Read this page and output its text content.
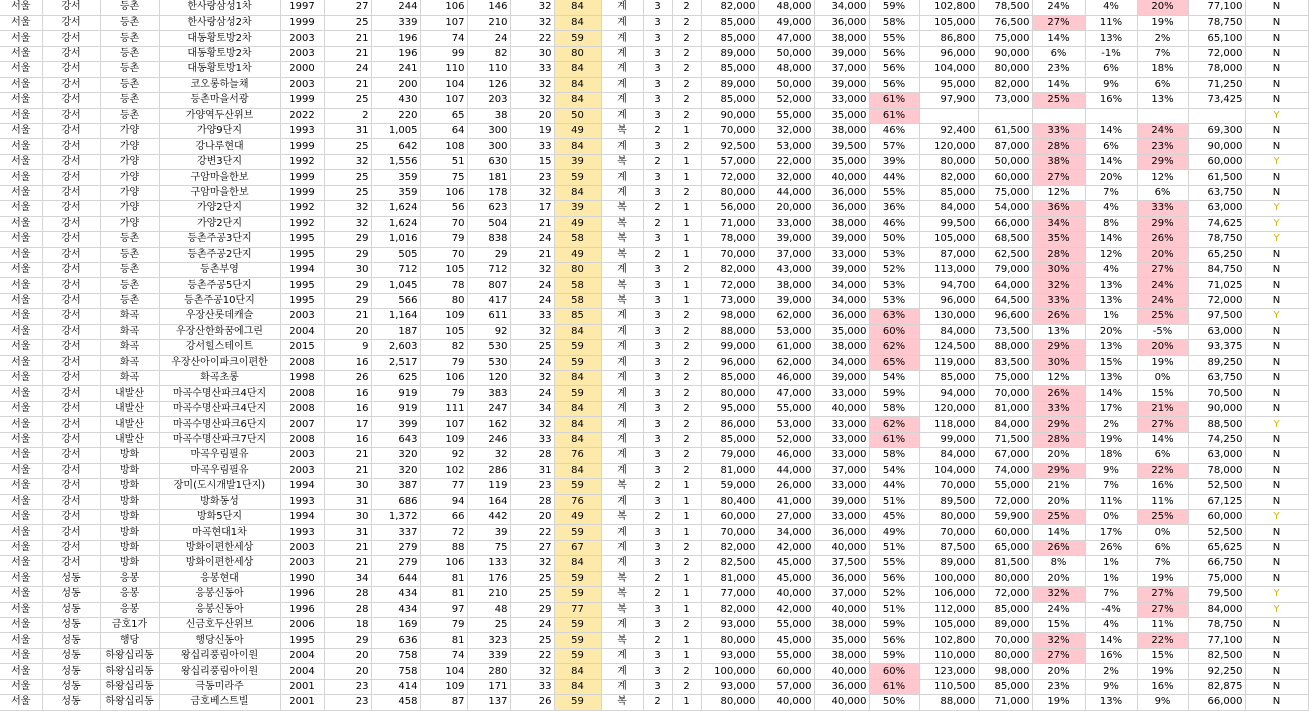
서울	강서	등촌	한사랑삼성1차	1997	27	244	106	146	32	84	계	3	2	82,000	48,000	34,000	59%	102,800	78,500	24%	4%	20%	77,100	N
서울	강서	등촌	한사랑삼성2차	1999	25	339	107	210	32	84	계	3	2	85,000	49,000	36,000	58%	105,000	76,500	27%	11%	19%	78,750	N
서울	강서	등촌	대동황토방2차	2003	21	196	74	24	22	59	계	3	2	85,000	47,000	38,000	55%	86,800	75,000	14%	13%	2%	65,100	N
서울	강서	등촌	대동황토방2차	2003	21	196	99	82	30	80	계	3	2	89,000	50,000	39,000	56%	96,000	90,000	6%	-1%	7%	72,000	N
서울	강서	등촌	대동황토방1차	2000	24	241	110	110	33	84	계	3	2	85,000	48,000	37,000	56%	104,000	80,000	23%	6%	18%	78,000	N
서울	강서	등촌	코오롱하늘채	2003	21	200	104	126	32	84	계	3	2	89,000	50,000	39,000	56%	95,000	82,000	14%	9%	6%	71,250	N
서울	강서	등촌	등촌마을서광	1999	25	430	107	203	32	84	계	3	2	85,000	52,000	33,000	61%	97,900	73,000	25%	16%	13%	73,425	N
서울	강서	등촌	가양역두산위브	2022	2	220	65	38	20	50	계	3	2	90,000	55,000	35,000	61%							Y
서울	강서	가양	가양9단지	1993	31	1,005	64	300	19	49	복	2	1	70,000	32,000	38,000	46%	92,400	61,500	33%	14%	24%	69,300	N
서울	강서	가양	강나루현대	1999	25	642	108	300	33	84	계	3	2	92,500	53,000	39,500	57%	120,000	87,000	28%	6%	23%	90,000	N
서울	강서	가양	강변3단지	1992	32	1,556	51	630	15	39	복	2	1	57,000	22,000	35,000	39%	80,000	50,000	38%	14%	29%	60,000	Y
서울	강서	가양	구암마을한보	1999	25	359	75	181	23	59	계	3	1	72,000	32,000	40,000	44%	82,000	60,000	27%	20%	12%	61,500	N
서울	강서	가양	구암마을한보	1999	25	359	106	178	32	84	계	3	2	80,000	44,000	36,000	55%	85,000	75,000	12%	7%	6%	63,750	N
서울	강서	가양	가양2단지	1992	32	1,624	56	623	17	39	복	2	1	56,000	20,000	36,000	36%	84,000	54,000	36%	4%	33%	63,000	Y
서울	강서	가양	가양2단지	1992	32	1,624	70	504	21	49	복	2	1	71,000	33,000	38,000	46%	99,500	66,000	34%	8%	29%	74,625	Y
서울	강서	등촌	등촌주공3단지	1995	29	1,016	79	838	24	58	복	3	1	78,000	39,000	39,000	50%	105,000	68,500	35%	14%	26%	78,750	Y
서울	강서	등촌	등촌주공2단지	1995	29	505	70	29	21	49	복	2	1	70,000	37,000	33,000	53%	87,000	62,500	28%	12%	20%	65,250	N
서울	강서	등촌	등촌부영	1994	30	712	105	712	32	80	계	3	2	82,000	43,000	39,000	52%	113,000	79,000	30%	4%	27%	84,750	N
서울	강서	등촌	등촌주공5단지	1995	29	1,045	78	807	24	58	복	3	1	72,000	38,000	34,000	53%	94,700	64,000	32%	13%	24%	71,025	N
서울	강서	등촌	등촌주공10단지	1995	29	566	80	417	24	58	복	3	1	73,000	39,000	34,000	53%	96,000	64,500	33%	13%	24%	72,000	N
서울	강서	화곡	우장산롯데캐슬	2003	21	1,164	109	611	33	85	계	3	2	98,000	62,000	36,000	63%	130,000	96,600	26%	1%	25%	97,500	Y
서울	강서	화곡	우장산한화꿈에그린	2004	20	187	105	92	32	84	계	3	2	88,000	53,000	35,000	60%	84,000	73,500	13%	20%	-5%	63,000	N
서울	강서	화곡	강서힐스테이트	2015	9	2,603	82	530	25	59	계	3	2	99,000	61,000	38,000	62%	124,500	88,000	29%	13%	20%	93,375	N
서울	강서	화곡	우장산아이파크이편한	2008	16	2,517	79	530	24	59	계	3	2	96,000	62,000	34,000	65%	119,000	83,500	30%	15%	19%	89,250	N
서울	강서	화곡	화곡초롱	1998	26	625	106	120	32	84	계	3	2	85,000	46,000	39,000	54%	85,000	75,000	12%	13%	0%	63,750	N
서울	강서	내발산	마곡수명산파크4단지	2008	16	919	79	383	24	59	계	3	2	80,000	47,000	33,000	59%	94,000	70,000	26%	14%	15%	70,500	N
서울	강서	내발산	마곡수명산파크4단지	2008	16	919	111	247	34	84	계	3	2	95,000	55,000	40,000	58%	120,000	81,000	33%	17%	21%	90,000	N
서울	강서	내발산	마곡수명산파크6단지	2007	17	399	107	162	32	84	계	3	2	86,000	53,000	33,000	62%	118,000	84,000	29%	2%	27%	88,500	Y
서울	강서	내발산	마곡수명산파크7단지	2008	16	643	109	246	33	84	계	3	2	85,000	52,000	33,000	61%	99,000	71,500	28%	19%	14%	74,250	N
서울	강서	방화	마곡우림필유	2003	21	320	92	32	28	76	계	3	2	79,000	46,000	33,000	58%	84,000	67,000	20%	18%	6%	63,000	N
서울	강서	방화	마곡우림필유	2003	21	320	102	286	31	84	계	3	2	81,000	44,000	37,000	54%	104,000	74,000	29%	9%	22%	78,000	N
서울	강서	방화	장미(도시개발1단지)	1994	30	387	77	119	23	59	복	2	1	59,000	26,000	33,000	44%	70,000	55,000	21%	7%	16%	52,500	N
서울	강서	방화	방화동성	1993	31	686	94	164	28	76	계	3	1	80,400	41,000	39,000	51%	89,500	72,000	20%	11%	11%	67,125	N
서울	강서	방화	방화5단지	1994	30	1,372	66	442	20	49	복	2	1	60,000	27,000	33,000	45%	80,000	59,900	25%	0%	25%	60,000	Y
서울	강서	방화	마곡현대1차	1993	31	337	72	39	22	59	계	3	1	70,000	34,000	36,000	49%	70,000	60,000	14%	17%	0%	52,500	N
서울	강서	방화	방화이편한세상	2003	21	279	88	75	27	67	계	3	2	82,000	42,000	40,000	51%	87,500	65,000	26%	26%	6%	65,625	N
서울	강서	방화	방화이편한세상	2003	21	279	106	133	32	84	계	3	2	82,500	45,000	37,500	55%	89,000	81,500	8%	1%	7%	66,750	N
서울	성동	응봉	응봉현대	1990	34	644	81	176	25	59	복	2	1	81,000	45,000	36,000	56%	100,000	80,000	20%	1%	19%	75,000	N
서울	성동	응봉	응봉신동아	1996	28	434	81	210	25	59	복	2	1	77,000	40,000	37,000	52%	106,000	72,000	32%	7%	27%	79,500	Y
서울	성동	응봉	응봉신동아	1996	28	434	97	48	29	77	복	3	1	82,000	42,000	40,000	51%	112,000	85,000	24%	-4%	27%	84,000	Y
서울	성동	금호1가	신금호두산위브	2006	18	169	79	25	24	59	계	3	2	93,000	55,000	38,000	59%	105,000	89,000	15%	4%	11%	78,750	N
서울	성동	행당	행당신동아	1995	29	636	81	323	25	59	복	2	1	80,000	45,000	35,000	56%	102,800	70,000	32%	14%	22%	77,100	N
서울	성동	하왕십리동	왕십리풍림아이원	2004	20	758	74	339	22	59	계	3	1	93,000	55,000	38,000	59%	110,000	80,000	27%	16%	15%	82,500	N
서울	성동	하왕십리동	왕십리풍림아이원	2004	20	758	104	280	32	84	계	3	2	100,000	60,000	40,000	60%	123,000	98,000	20%	2%	19%	92,250	N
서울	성동	하왕십리동	극동미라주	2001	23	414	109	171	33	84	계	3	2	93,000	57,000	36,000	61%	110,500	85,000	23%	9%	16%	82,875	N
서울	성동	하왕십리동	금호베스트빌	2001	23	458	87	137	26	59	복	2	1	80,000	40,000	40,000	50%	88,000	71,000	19%	13%	9%	66,000	N
